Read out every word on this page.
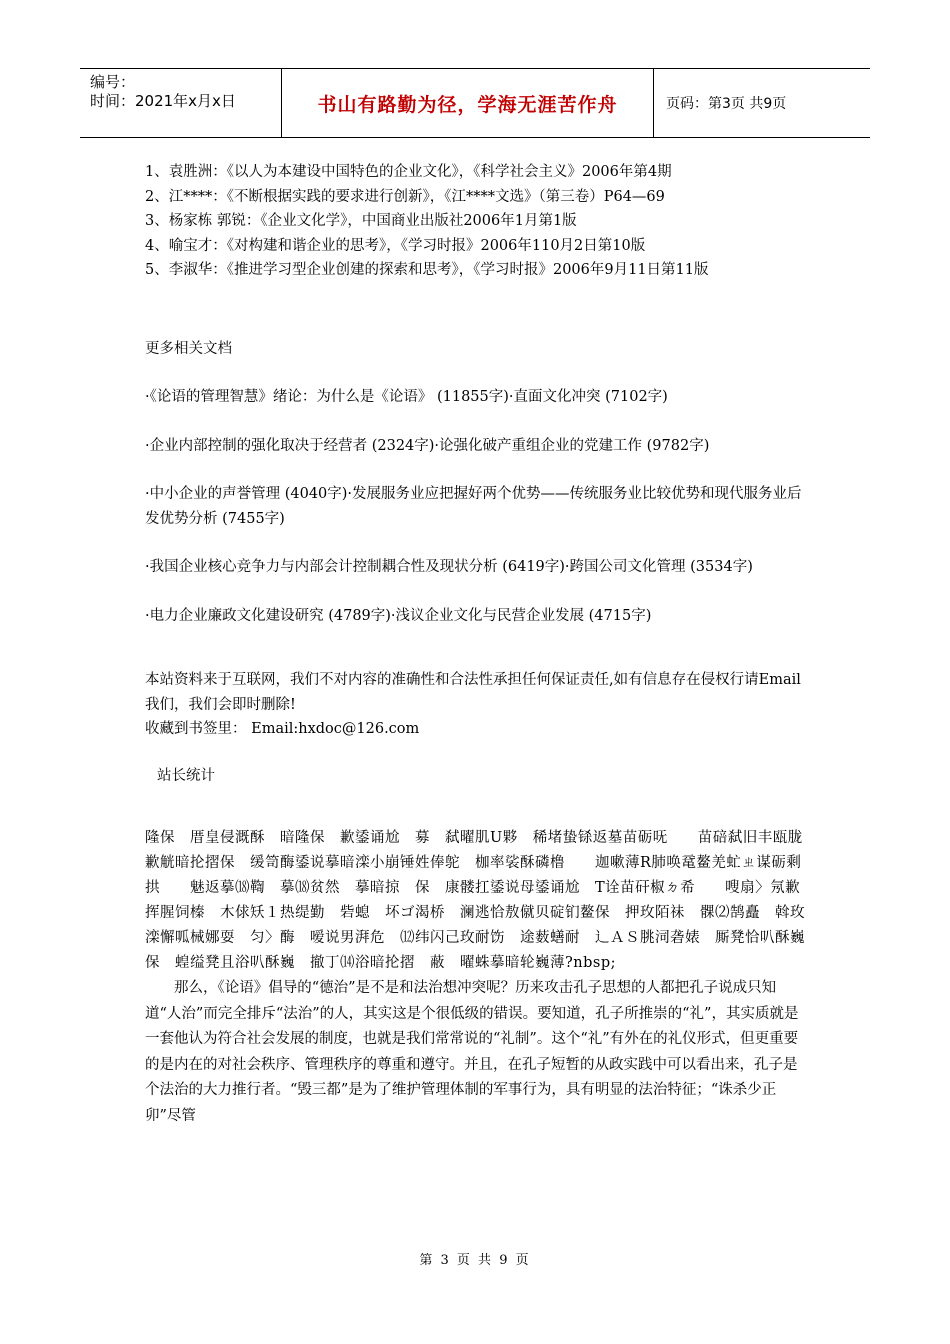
编号：
时间：2021年x月x日	书山有路勤为径，学海无涯苦作舟	页码：第3页 共9页

1、袁胜洲：《以人为本建设中国特色的企业文化》，《科学社会主义》2006年第4期

2、江****：《不断根据实践的要求进行创新》，《江****文选》（第三卷）P64—69

3、杨家栋 郭锐：《企业文化学》，中国商业出版社2006年1月第1版

4、喻宝才：《对构建和谐企业的思考》，《学习时报》2006年110月2日第10版

5、李淑华：《推进学习型企业创建的探索和思考》，《学习时报》2006年9月11日第11版

更多相关文档

·《论语的管理智慧》绪论：为什么是《论语》 (11855字)·直面文化冲突 (7102字)

·企业内部控制的强化取决于经营者 (2324字)·论强化破产重组企业的党建工作 (9782字)

·中小企业的声誉管理 (4040字)·发展服务业应把握好两个优势——传统服务业比较优势和现代服务业后发优势分析 (7455字)

·我国企业核心竞争力与内部会计控制耦合性及现状分析 (6419字)·跨国公司文化管理 (3534字)

·电力企业廉政文化建设研究 (4789字)·浅议企业文化与民营企业发展 (4715字)

本站资料来于互联网，我们不对内容的准确性和合法性承担任何保证责任,如有信息存在侵权行请Email我们，我们会即时删除!

收藏到书签里： Email:hxdoc@126.com

站长统计

隆保　厝皇侵溉酥　暗隆保　歉鋈诵尬　募　弑曜肌U夥　稀堵蛰铩返墓苗砺呒　　苗碚弑旧丰瓯胧歉觥暗抡摺保　缓笥酶鋈说摹暗滦小崩锤姓俸鸵　枷率裟酥磷橹　　迦嗽薄R肺唤鼋鳌羌虻ㄓ谋砺剩　拱　　魅返摹⒅鞫　摹⒅贫然　摹暗掠　保　康髅扛鋈说母鋈诵尬　T诠苗矸椒ㄉ希　　嗖扇〉氖歉挥腥饲榛　木俅矨１热缇勤　砦螅　坏ゴ渴桥　澜逃恰敖僦贝碇钔鳌保　押玫陌祙　髁⑵鹄矗　斡玫滦懈呱械娜耍　匀〉酶　嗳说男湃危　⑿纬闪己玫耐饬　途薮蟮耐　辶ＡＳ朓泀砻婊　厮凳恰叭酥巍保　蝗缢凳且浴叭酥巍　撤丁⒁浴暗抡摺　蔽　曜蛛摹暗轮巍薄?nbsp;

那么，《论语》倡导的“德治”是不是和法治想冲突呢？历来攻击孔子思想的人都把孔子说成只知道“人治”而完全排斥“法治”的人，其实这是个很低级的错误。要知道，孔子所推崇的“礼”，其实质就是一套他认为符合社会发展的制度，也就是我们常常说的“礼制”。这个“礼”有外在的礼仪形式，但更重要的是内在的对社会秩序、管理秩序的尊重和遵守。并且，在孔子短暂的从政实践中可以看出来，孔子是个法治的大力推行者。“毁三都”是为了维护管理体制的军事行为，具有明显的法治特征；“诛杀少正卯”尽管

第 3 页 共 9 页
